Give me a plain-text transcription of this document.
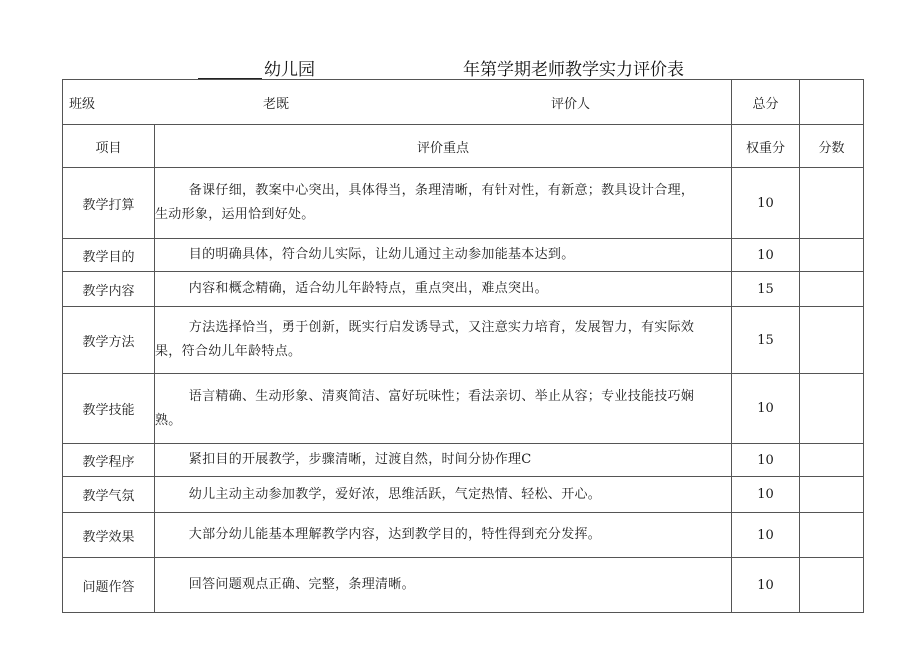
幼儿园	年第学期老师教学实力评价表
班级 老既 评价人		总分	
项目	评价重点	权重分	分数
教学打算	备课仔细，教案中心突出，具体得当，条理清晰，有针对性，有新意；教具设计合理，
生动形象，运用恰到好处。	10	
教学目的	目的明确具体，符合幼儿实际，让幼儿通过主动参加能基本达到。	10	
教学内容	内容和概念精确，适合幼儿年龄特点，重点突出，难点突出。	15	
教学方法	方法选择恰当，勇于创新，既实行启发诱导式，又注意实力培育，发展智力，有实际效
果，符合幼儿年龄特点。	15	
教学技能	语言精确、生动形象、清爽简洁、富好玩味性；看法亲切、举止从容；专业技能技巧娴
熟。	10	
教学程序	紧扣目的开展教学，步骤清晰，过渡自然，时间分协作理C	10	
教学气氛	幼儿主动主动参加教学，爱好浓，思维活跃，气定热情、轻松、开心。	10	
教学效果	大部分幼儿能基本理解教学内容，达到教学目的，特性得到充分发挥。	10	
问题作答	回答问题观点正确、完整，条理清晰。	10	
